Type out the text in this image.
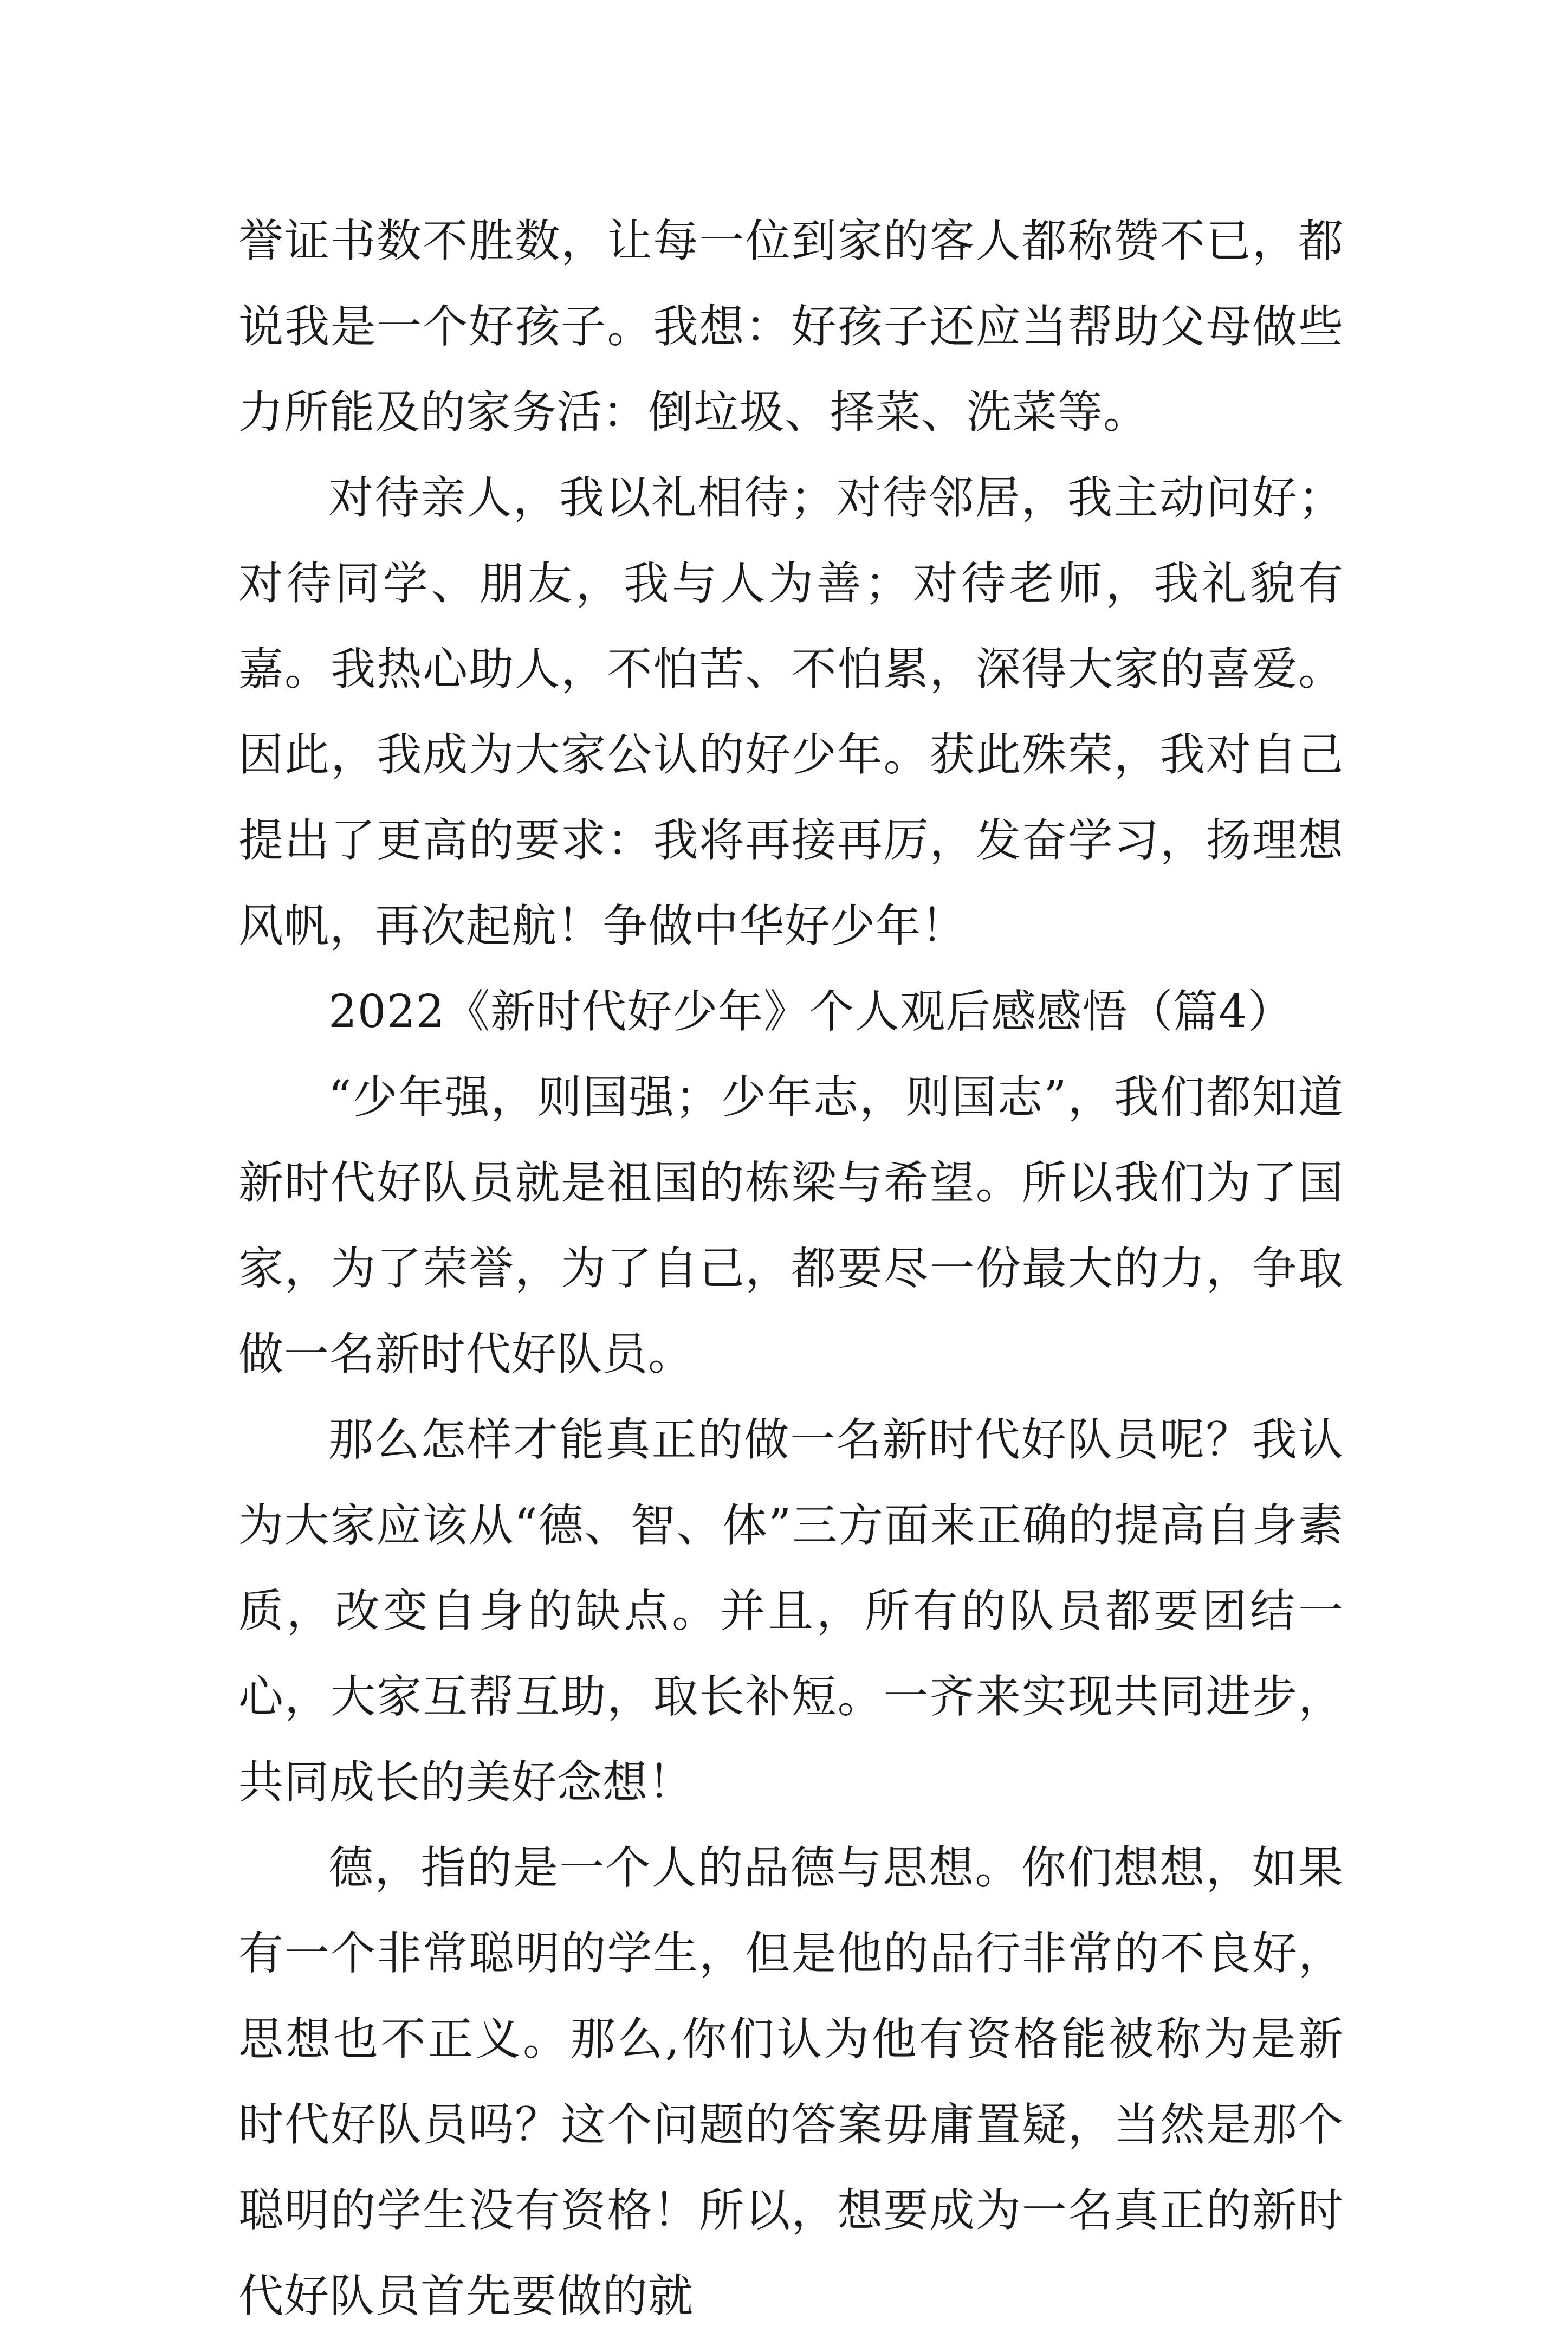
誉证书数不胜数，让每一位到家的客人都称赞不已，都说我是一个好孩子。我想：好孩子还应当帮助父母做些力所能及的家务活：倒垃圾、择菜、洗菜等。

对待亲人，我以礼相待；对待邻居，我主动问好；对待同学、朋友，我与人为善；对待老师，我礼貌有嘉。我热心助人，不怕苦、不怕累，深得大家的喜爱。因此，我成为大家公认的好少年。获此殊荣，我对自己提出了更高的要求：我将再接再厉，发奋学习，扬理想风帆，再次起航！争做中华好少年！

2022《新时代好少年》个人观后感感悟（篇4）

“少年强，则国强；少年志，则国志”，我们都知道新时代好队员就是祖国的栋梁与希望。所以我们为了国家，为了荣誉，为了自己，都要尽一份最大的力，争取做一名新时代好队员。

那么怎样才能真正的做一名新时代好队员呢？我认为大家应该从“德、智、体”三方面来正确的提高自身素质，改变自身的缺点。并且，所有的队员都要团结一心，大家互帮互助，取长补短。一齐来实现共同进步，共同成长的美好念想！

德，指的是一个人的品德与思想。你们想想，如果有一个非常聪明的学生，但是他的品行非常的不良好，思想也不正义。那么,你们认为他有资格能被称为是新时代好队员吗？这个问题的答案毋庸置疑，当然是那个聪明的学生没有资格！所以，想要成为一名真正的新时代好队员首先要做的就
